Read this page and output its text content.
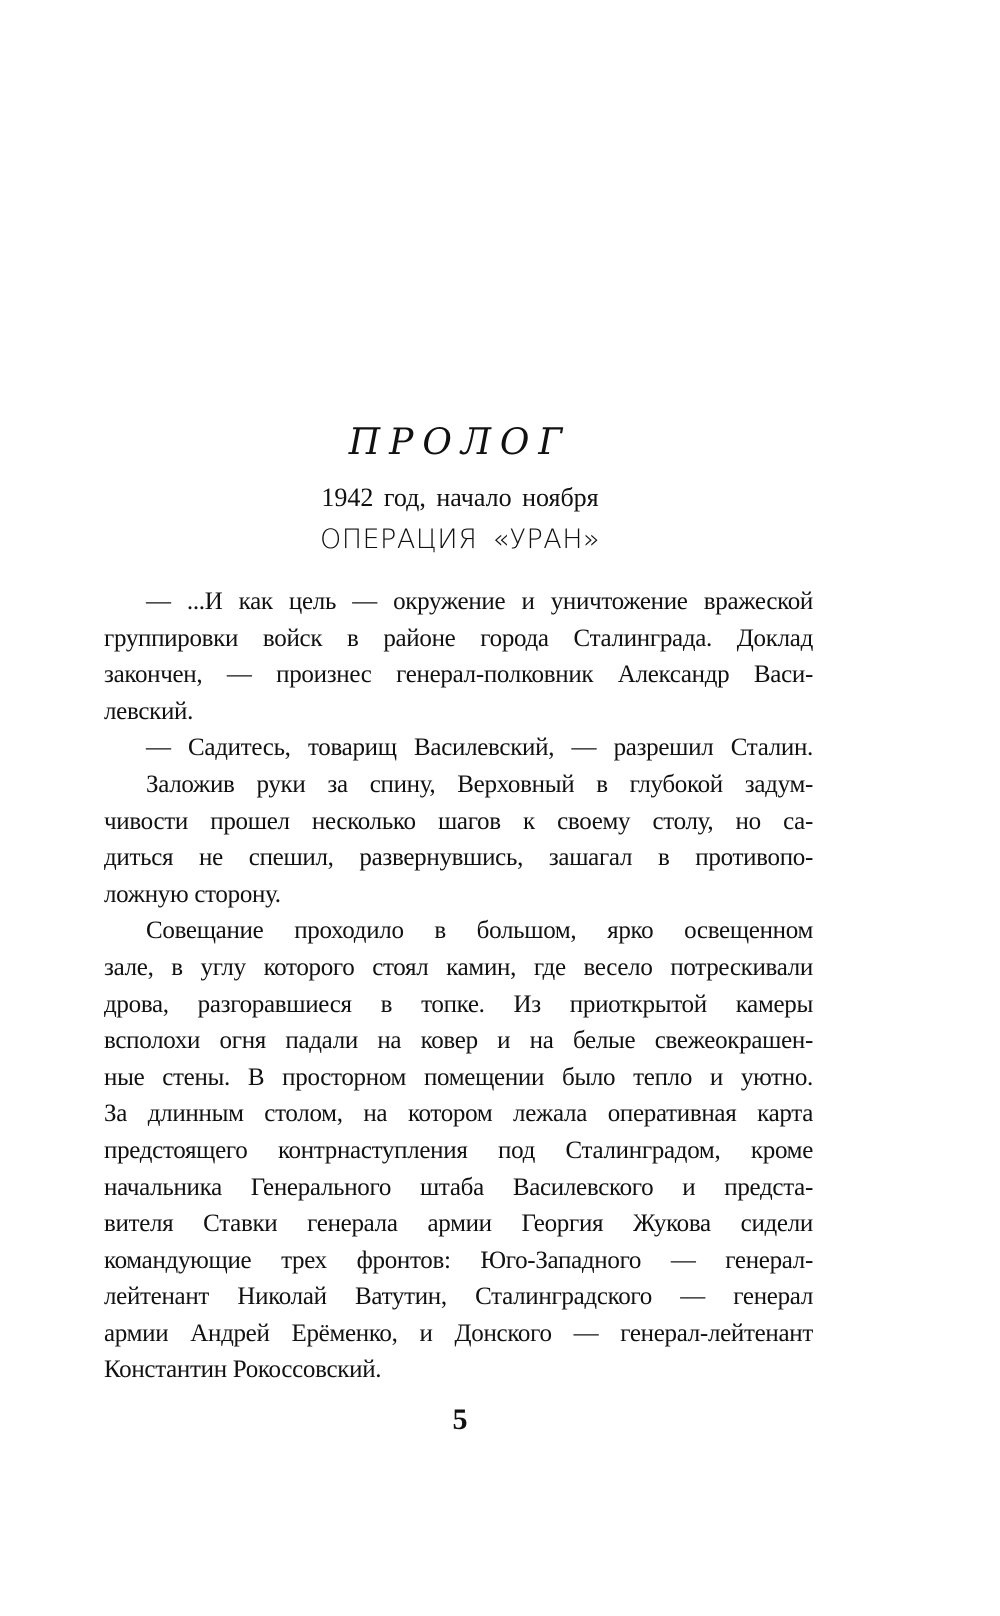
ПРОЛОГ
1942 год, начало ноября
ОПЕРАЦИЯ «УРАН»
— ...И как цель — окружение и уничтожение вражеской
группировки войск в районе города Сталинграда. Доклад
закончен, — произнес генерал-полковник Александр Васи-
левский.
— Садитесь, товарищ Василевский, — разрешил Сталин.
Заложив руки за спину, Верховный в глубокой задум-
чивости прошел несколько шагов к своему столу, но са-
диться не спешил, развернувшись, зашагал в противопо-
ложную сторону.
Совещание проходило в большом, ярко освещенном
зале, в углу которого стоял камин, где весело потрескивали
дрова, разгоравшиеся в топке. Из приоткрытой камеры
всполохи огня падали на ковер и на белые свежеокрашен-
ные стены. В просторном помещении было тепло и уютно.
За длинным столом, на котором лежала оперативная карта
предстоящего контрнаступления под Сталинградом, кроме
начальника Генерального штаба Василевского и предста-
вителя Ставки генерала армии Георгия Жукова сидели
командующие трех фронтов: Юго-Западного — генерал-
лейтенант Николай Ватутин, Сталинградского — генерал
армии Андрей Ерёменко, и Донского — генерал-лейтенант
Константин Рокоссовский.
5
